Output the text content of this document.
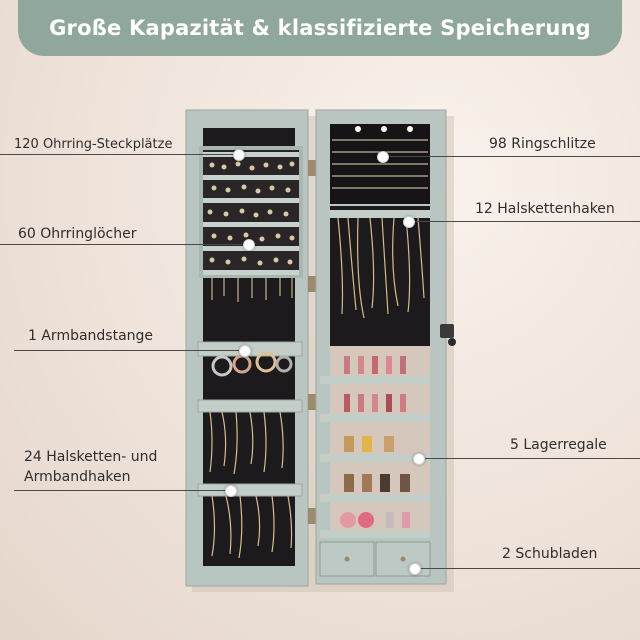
Große Kapazität & klassifizierte Speicherung
120 Ohrring-Steckplätze	98 Ringschlitze
12 Halskettenhaken
60 Ohrringlöcher
1 Armbandstange
24 Halsketten- und
Armbandhaken
5 Lagerregale
2 Schubladen
